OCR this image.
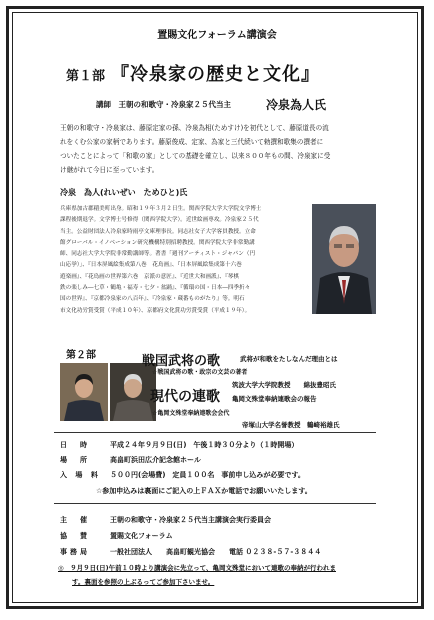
置賜文化フォーラム講演会
第１部 『冷泉家の歴史と文化』
講師　王朝の和歌守・冷泉家２５代当主	冷泉為人氏
王朝の和歌守・冷泉家は、藤原定家の孫、冷泉為相(ためすけ)を初代として、藤原道長の流
れをくむ公家の家柄であります。藤原俊成、定家、為家と三代続いて勅撰和歌集の撰者に
ついたことによって「和歌の家」としての基礎を確立し、以来８００年もの間、冷泉家に受
け継がれて今日に至っています。
冷泉　為人(れいぜい　ためひと)氏
兵庫県加古郡稲美町出身。昭和１９年３月２日生。関西学院大学大学院文学博士
課程後期退学。文学博士号修得（関西学院大学）。近世絵画専攻。冷泉家２５代
当主。公益財団法人冷泉家時雨亭文庫理事長。同志社女子大学客員教授。立命
館グローバル・イノベーション研究機構特別招聘教授。関西学院大学非常勤講
師、同志社大学大学院非常勤講師等。著書「週刊アーティスト・ジャパン（円
山応挙）」、『日本屏風絵集成第八巻　花鳥画』、『日本屏風絵集成第十六巻
遊楽画』、『花鳥画の世界第六巻　京派の意匠』、『近世大和画派』、『琴棋
鉄の楽しみ―七草・鶴亀・福寿・七夕・盆踊』、『循環の国・日本―四季折々
国の世界』、『京都冷泉家の八百年』、『冷泉家・蔵番ものがたり』等。明石
市文化功労賞受賞（平成１０年）、京都府文化賞功労賞受賞（平成１９年）。
第２部	戦国武将の歌	武将が和歌をたしなんだ理由とは
☆戦国武将の歌・政宗の文芸の著者
筑波大学大学院教授　　綿抜豊昭氏
現代の連歌 亀岡文殊堂奉納連歌会の報告
☆亀岡文殊堂奉納連歌会会代
帝塚山大学名誉教授　鶴崎裕雄氏
日　時	平成２４年９月９日(日)　午後１時３０分より（１時開場）
場　所	高畠町浜田広介記念館ホール
入 場 料 ５００円(会場費)　定員１００名　事前申し込みが必要です。
☆参加申込みは裏面にご記入の上ＦＡＸか電話でお願いいたします。
主　催	王朝の和歌守・冷泉家２５代当主講演会実行委員会
協　賛	置賜文化フォーラム
事務局	一般社団法人　　高畠町観光協会 電話 ０２３８-５７-３８４４
◎　９月９日(日)午前１０時より講演会に先立って、亀岡文殊堂において連歌の奉納が行われま
す。裏面を参照の上ぶるってご参加下さいませ。
